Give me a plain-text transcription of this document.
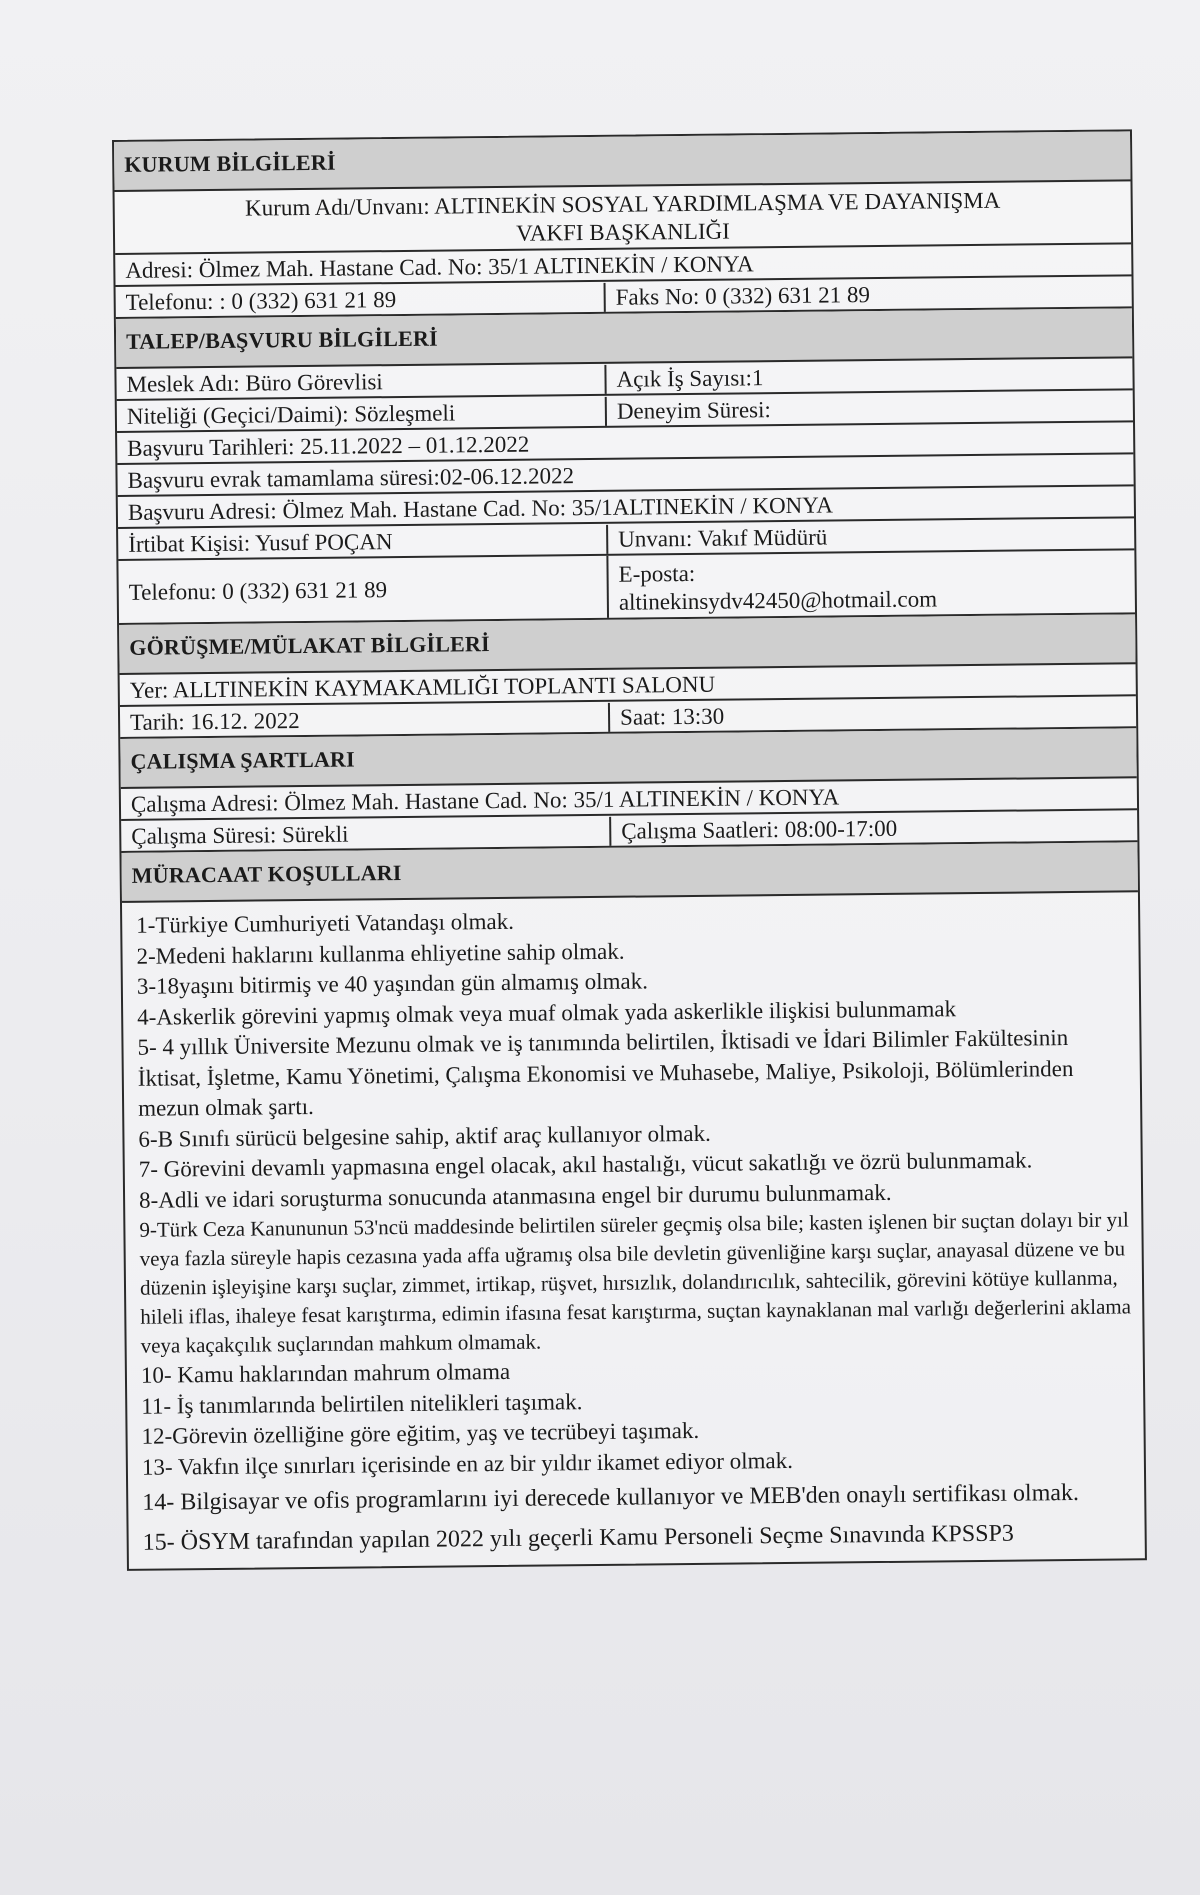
KURUM BİLGİLERİ
Kurum Adı/Unvanı: ALTINEKİN SOSYAL YARDIMLAŞMA VE DAYANIŞMA VAKFI BAŞKANLIĞI
Adresi: Ölmez Mah. Hastane Cad. No: 35/1 ALTINEKİN / KONYA
Telefonu: : 0 (332) 631 21 89	Faks No: 0 (332) 631 21 89
TALEP/BAŞVURU BİLGİLERİ
Meslek Adı: Büro Görevlisi	Açık İş Sayısı:1
Niteliği (Geçici/Daimi): Sözleşmeli	Deneyim Süresi:
Başvuru Tarihleri: 25.11.2022 – 01.12.2022
Başvuru evrak tamamlama süresi:02-06.12.2022
Başvuru Adresi: Ölmez Mah. Hastane Cad. No: 35/1ALTINEKİN / KONYA
İrtibat Kişisi: Yusuf POÇAN	Unvanı: Vakıf Müdürü
Telefonu: 0 (332) 631 21 89
E-posta:
altinekinsydv42450@hotmail.com
GÖRÜŞME/MÜLAKAT BİLGİLERİ
Yer: ALLTINEKİN KAYMAKAMLIĞI TOPLANTI SALONU
Tarih: 16.12. 2022	Saat: 13:30
ÇALIŞMA ŞARTLARI
Çalışma Adresi: Ölmez Mah. Hastane Cad. No: 35/1 ALTINEKİN / KONYA
Çalışma Süresi: Sürekli	Çalışma Saatleri: 08:00-17:00
MÜRACAAT KOŞULLARI
1-Türkiye Cumhuriyeti Vatandaşı olmak.
2-Medeni haklarını kullanma ehliyetine sahip olmak.
3-18yaşını bitirmiş ve 40 yaşından gün almamış olmak.
4-Askerlik görevini yapmış olmak veya muaf olmak yada askerlikle ilişkisi bulunmamak
5- 4 yıllık Üniversite Mezunu olmak ve iş tanımında belirtilen, İktisadi ve İdari Bilimler Fakültesinin İktisat, İşletme, Kamu Yönetimi, Çalışma Ekonomisi ve Muhasebe, Maliye, Psikoloji, Bölümlerinden mezun olmak şartı.
6-B Sınıfı sürücü belgesine sahip, aktif araç kullanıyor olmak.
7- Görevini devamlı yapmasına engel olacak, akıl hastalığı, vücut sakatlığı ve özrü bulunmamak.
8-Adli ve idari soruşturma sonucunda atanmasına engel bir durumu bulunmamak.
9-Türk Ceza Kanununun 53'ncü maddesinde belirtilen süreler geçmiş olsa bile; kasten işlenen bir suçtan dolayı bir yıl veya fazla süreyle hapis cezasına yada affa uğramış olsa bile devletin güvenliğine karşı suçlar, anayasal düzene ve bu düzenin işleyişine karşı suçlar, zimmet, irtikap, rüşvet, hırsızlık, dolandırıcılık, sahtecilik, görevini kötüye kullanma, hileli iflas, ihaleye fesat karıştırma, edimin ifasına fesat karıştırma, suçtan kaynaklanan mal varlığı değerlerini aklama veya kaçakçılık suçlarından mahkum olmamak.
10- Kamu haklarından mahrum olmama
11- İş tanımlarında belirtilen nitelikleri taşımak.
12-Görevin özelliğine göre eğitim, yaş ve tecrübeyi taşımak.
13- Vakfın ilçe sınırları içerisinde en az bir yıldır ikamet ediyor olmak.
14- Bilgisayar ve ofis programlarını iyi derecede kullanıyor ve MEB'den onaylı sertifikası olmak.
15- ÖSYM tarafından yapılan 2022 yılı geçerli Kamu Personeli Seçme Sınavında KPSSP3
